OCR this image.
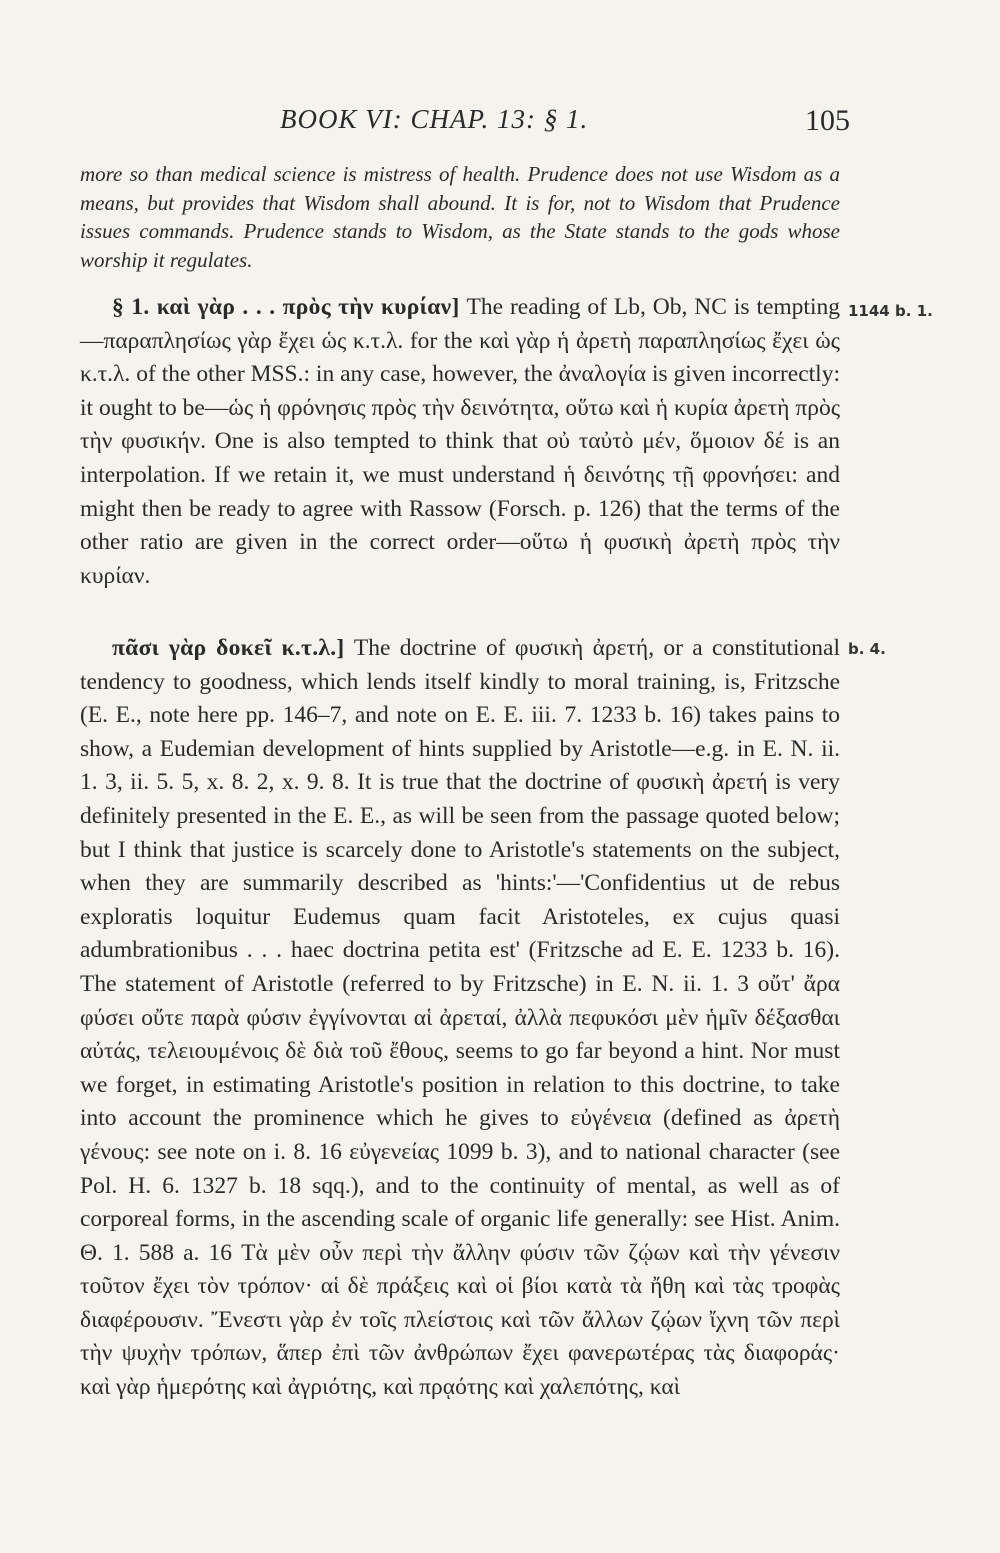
BOOK VI: CHAP. 13: § 1.	105

more so than medical science is mistress of health. Prudence does not use Wisdom as a means, but provides that Wisdom shall abound. It is for, not to Wisdom that Prudence issues commands. Prudence stands to Wisdom, as the State stands to the gods whose worship it regulates.

§ 1. καὶ γὰρ . . . πρὸς τὴν κυρίαν] The reading of Lb, Ob, NC is tempting—παραπλησίως γὰρ ἔχει ὡς κ.τ.λ. for the καὶ γὰρ ἡ ἀρετὴ παραπλησίως ἔχει ὡς κ.τ.λ. of the other MSS.: in any case, however, the ἀναλογία is given incorrectly: it ought to be—ὡς ἡ φρόνησις πρὸς τὴν δεινότητα, οὕτω καὶ ἡ κυρία ἀρετὴ πρὸς τὴν φυσικήν. One is also tempted to think that οὐ ταὐτὸ μέν, ὅμοιον δέ is an interpolation. If we retain it, we must understand ἡ δεινότης τῇ φρονήσει: and might then be ready to agree with Rassow (Forsch. p. 126) that the terms of the other ratio are given in the correct order—οὕτω ἡ φυσικὴ ἀρετὴ πρὸς τὴν κυρίαν.

πᾶσι γὰρ δοκεῖ κ.τ.λ.] The doctrine of φυσικὴ ἀρετή, or a constitutional tendency to goodness, which lends itself kindly to moral training, is, Fritzsche (E. E., note here pp. 146–7, and note on E. E. iii. 7. 1233 b. 16) takes pains to show, a Eudemian development of hints supplied by Aristotle—e.g. in E. N. ii. 1. 3, ii. 5. 5, x. 8. 2, x. 9. 8. It is true that the doctrine of φυσικὴ ἀρετή is very definitely presented in the E. E., as will be seen from the passage quoted below; but I think that justice is scarcely done to Aristotle's statements on the subject, when they are summarily described as 'hints:'—'Confidentius ut de rebus exploratis loquitur Eudemus quam facit Aristoteles, ex cujus quasi adumbrationibus . . . haec doctrina petita est' (Fritzsche ad E. E. 1233 b. 16). The statement of Aristotle (referred to by Fritzsche) in E. N. ii. 1. 3 οὔτ' ἄρα φύσει οὔτε παρὰ φύσιν ἐγγίνονται αἱ ἀρεταί, ἀλλὰ πεφυκόσι μὲν ἡμῖν δέξασθαι αὐτάς, τελειουμένοις δὲ διὰ τοῦ ἔθους, seems to go far beyond a hint. Nor must we forget, in estimating Aristotle's position in relation to this doctrine, to take into account the prominence which he gives to εὐγένεια (defined as ἀρετὴ γένους: see note on i. 8. 16 εὐγενείας 1099 b. 3), and to national character (see Pol. H. 6. 1327 b. 18 sqq.), and to the continuity of mental, as well as of corporeal forms, in the ascending scale of organic life generally: see Hist. Anim. Θ. 1. 588 a. 16 Τὰ μὲν οὖν περὶ τὴν ἄλλην φύσιν τῶν ζῴων καὶ τὴν γένεσιν τοῦτον ἔχει τὸν τρόπον· αἱ δὲ πράξεις καὶ οἱ βίοι κατὰ τὰ ἤθη καὶ τὰς τροφὰς διαφέρουσιν. Ἔνεστι γὰρ ἐν τοῖς πλείστοις καὶ τῶν ἄλλων ζῴων ἴχνη τῶν περὶ τὴν ψυχὴν τρόπων, ἅπερ ἐπὶ τῶν ἀνθρώπων ἔχει φανερωτέρας τὰς διαφοράς· καὶ γὰρ ἡμερότης καὶ ἀγριότης, καὶ πρᾳότης καὶ χαλεπότης, καὶ

1144 b. 1.
b. 4.
